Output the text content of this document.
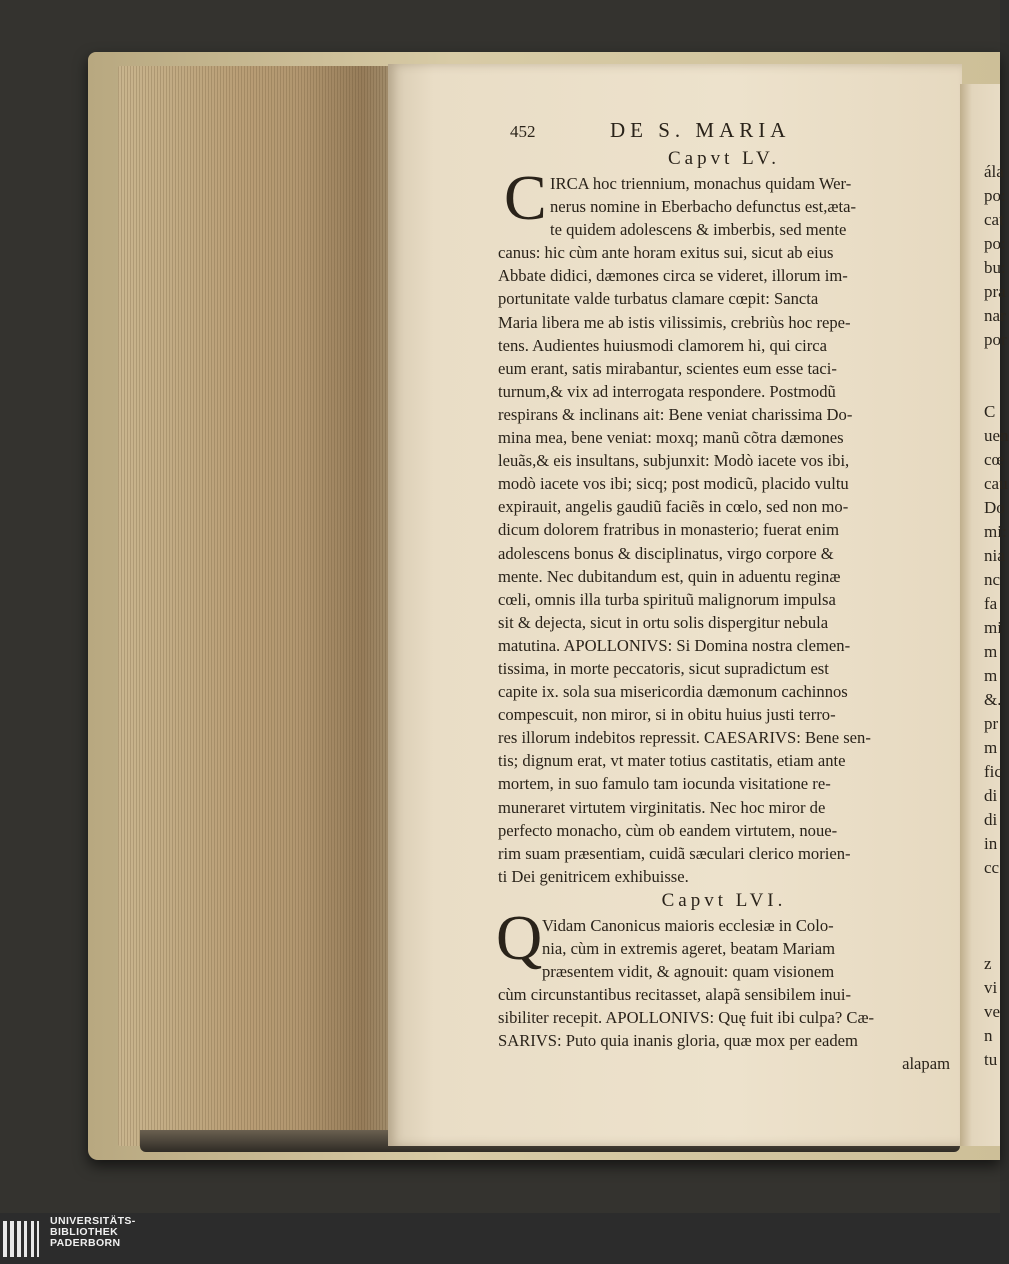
ála
po:
cat
po:
bu:
pra
nar
por
C
uen
cœ
cau
Do
mi:
nia
nc
fa
mi
m
m
&.
pr
m
fic
di
di
in
cc
z
vi
ve
n
tu
452	DE S. MARIA
Capvt LV.
C IRCA hoc triennium, monachus quidam Wer-
nerus nomine in Eberbacho defunctus est,æta-
te quidem adolescens & imberbis, sed mente
canus: hic cùm ante horam exitus sui, sicut ab eius
Abbate didici, dæmones circa se videret, illorum im-
portunitate valde turbatus clamare cœpit: Sancta
Maria libera me ab istis vilissimis, crebriùs hoc repe-
tens. Audientes huiusmodi clamorem hi, qui circa
eum erant, satis mirabantur, scientes eum esse taci-
turnum,& vix ad interrogata respondere. Postmodũ
respirans & inclinans ait: Bene veniat charissima Do-
mina mea, bene veniat: moxq; manũ cõtra dæmones
leuãs,& eis insultans, subjunxit: Modò iacete vos ibi,
modò iacete vos ibi; sicq; post modicũ, placido vultu
expirauit, angelis gaudiũ faciẽs in cœlo, sed non mo-
dicum dolorem fratribus in monasterio; fuerat enim
adolescens bonus & disciplinatus, virgo corpore &
mente. Nec dubitandum est, quin in aduentu reginæ
cœli, omnis illa turba spirituũ malignorum impulsa
sit & dejecta, sicut in ortu solis dispergitur nebula
matutina. APOLLONIVS: Si Domina nostra clemen-
tissima, in morte peccatoris, sicut supradictum est
capite ix. sola sua misericordia dæmonum cachinnos
compescuit, non miror, si in obitu huius justi terro-
res illorum indebitos repressit. CAESARIVS: Bene sen-
tis; dignum erat, vt mater totius castitatis, etiam ante
mortem, in suo famulo tam iocunda visitatione re-
muneraret virtutem virginitatis. Nec hoc miror de
perfecto monacho, cùm ob eandem virtutem, noue-
rim suam præsentiam, cuidã sæculari clerico morien-
ti Dei genitricem exhibuisse.
Capvt LVI.
Q Vidam Canonicus maioris ecclesiæ in Colo-
nia, cùm in extremis ageret, beatam Mariam
præsentem vidit, & agnouit: quam visionem
cùm circunstantibus recitasset, alapã sensibilem inui-
sibiliter recepit. APOLLONIVS: Quę fuit ibi culpa? Cæ-
SARIVS: Puto quia inanis gloria, quæ mox per eadem
alapam
UNIVERSITÄTS-
BIBLIOTHEK
PADERBORN
